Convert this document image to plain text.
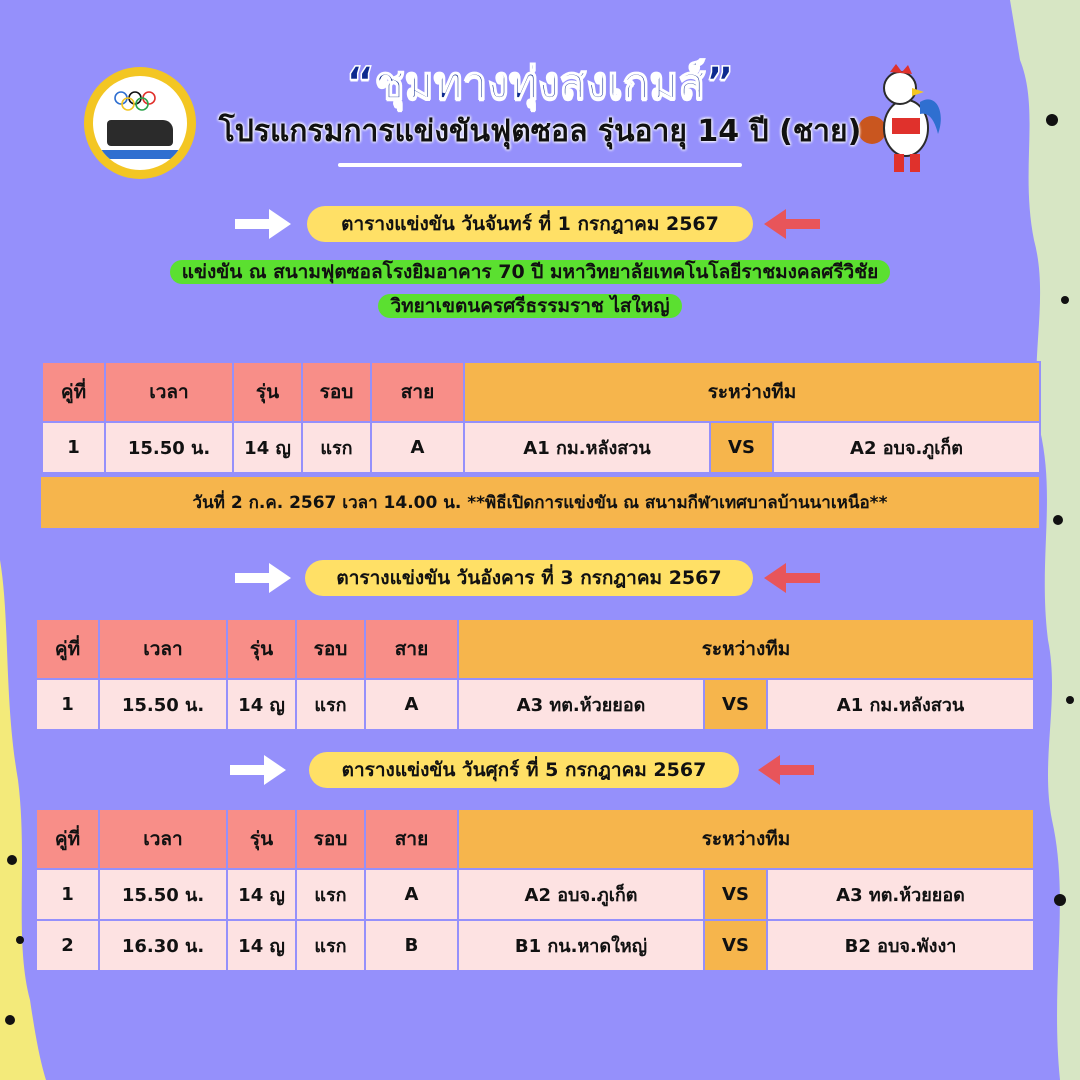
“ชุมทางทุ่งสงเกมส์”
โปรแกรมการแข่งขันฟุตซอล รุ่นอายุ 14 ปี (ชาย)
ตารางแข่งขัน วันจันทร์ ที่ 1 กรกฎาคม 2567
แข่งขัน ณ สนามฟุตซอลโรงยิมอาคาร 70 ปี มหาวิทยาลัยเทคโนโลยีราชมงคลศรีวิชัย
วิทยาเขตนครศรีธรรมราช ไสใหญ่
คู่ที่	เวลา	รุ่น	รอบ	สาย	ระหว่างทีม		
1	15.50 น.	14 ญ	แรก	A	A1 กม.หลังสวน	VS	A2 อบจ.ภูเก็ต
วันที่ 2 ก.ค. 2567 เวลา 14.00 น. **พิธีเปิดการแข่งขัน ณ สนามกีฬาเทศบาลบ้านนาเหนือ**
ตารางแข่งขัน วันอังคาร ที่ 3 กรกฎาคม 2567
คู่ที่	เวลา	รุ่น	รอบ	สาย	ระหว่างทีม		
1	15.50 น.	14 ญ	แรก	A	A3 ทต.ห้วยยอด	VS	A1 กม.หลังสวน
ตารางแข่งขัน วันศุกร์ ที่ 5 กรกฎาคม 2567
คู่ที่	เวลา	รุ่น	รอบ	สาย	ระหว่างทีม		
1	15.50 น.	14 ญ	แรก	A	A2 อบจ.ภูเก็ต	VS	A3 ทต.ห้วยยอด
2	16.30 น.	14 ญ	แรก	B	B1 กน.หาดใหญ่	VS	B2 อบจ.พังงา
